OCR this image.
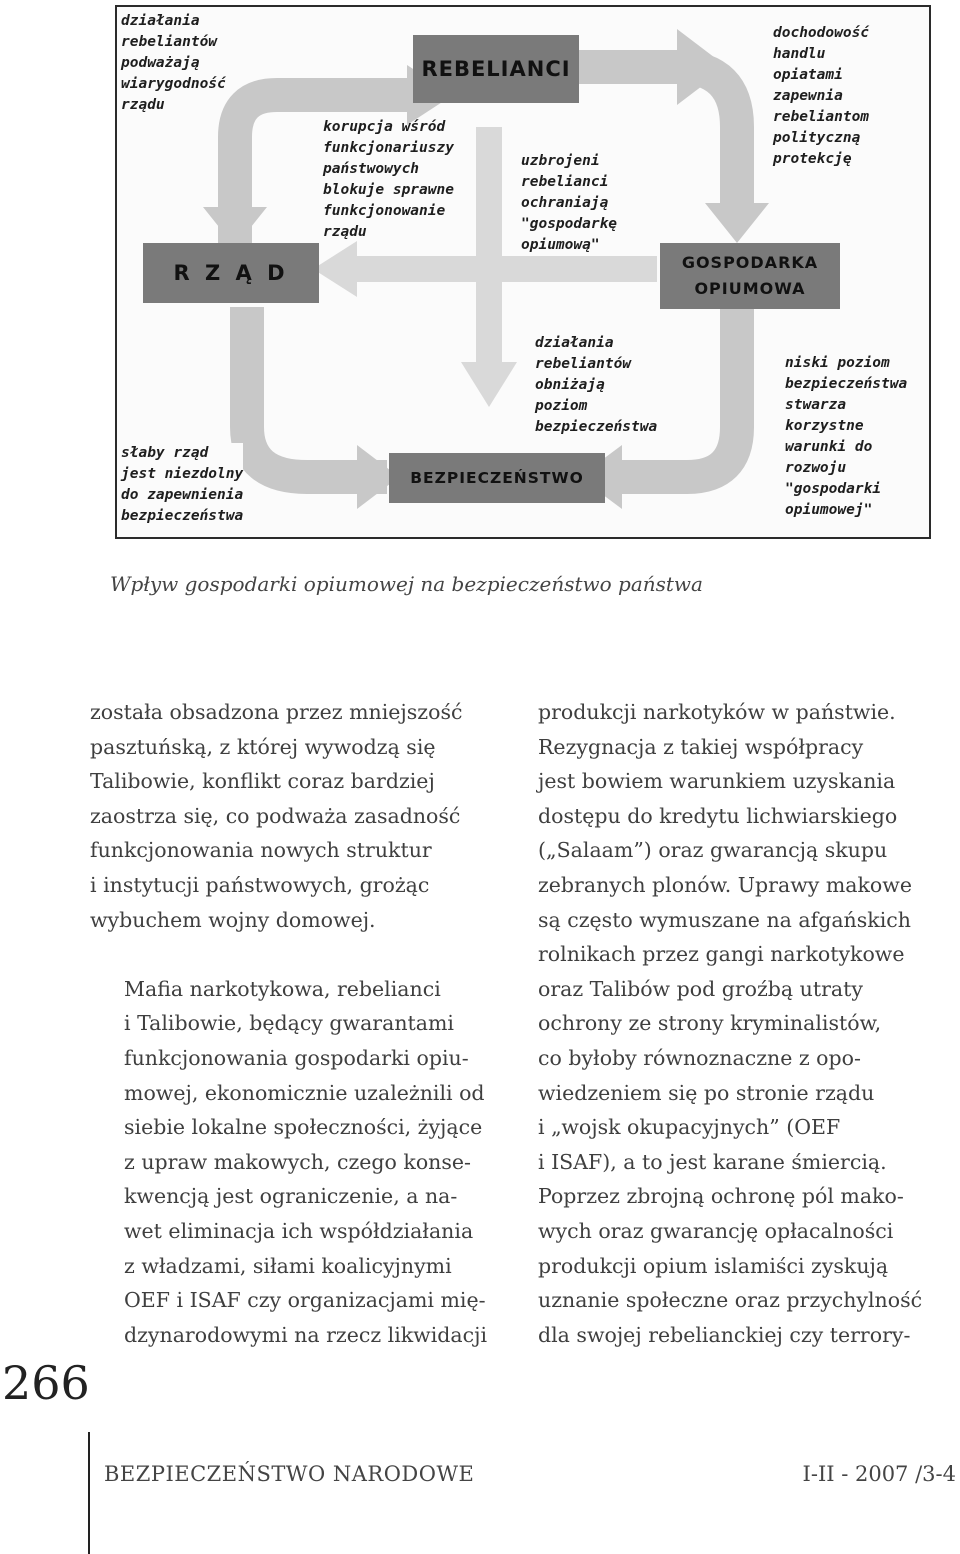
REBELIANCI
R Z Ą D	GOSPODARKA
OPIUMOWA
BEZPIECZEŃSTWO

działania
rebeliantów
podważają
wiarygodność
rządu

dochodowość
handlu
opiatami
zapewnia
rebeliantom
polityczną
protekcję

korupcja wśród
funkcjonariuszy
państwowych
blokuje sprawne
funkcjonowanie
rządu

uzbrojeni
rebelianci
ochraniają
"gospodarkę
opiumową"

działania
rebeliantów
obniżają
poziom
bezpieczeństwa

słaby rząd
jest niezdolny
do zapewnienia
bezpieczeństwa

niski poziom
bezpieczeństwa
stwarza
korzystne
warunki do
rozwoju
"gospodarki
opiumowej"

Wpływ gospodarki opiumowej na bezpieczeństwo państwa

została obsadzona przez mniejszość
pasztuńską, z której wywodzą się
Talibowie, konflikt coraz bardziej
zaostrza się, co podważa zasadność
funkcjonowania nowych struktur
i instytucji państwowych, grożąc
wybuchem wojny domowej.
Mafia narkotykowa, rebelianci
i Talibowie, będący gwarantami
funkcjonowania gospodarki opiu-
mowej, ekonomicznie uzależnili od
siebie lokalne społeczności, żyjące
z upraw makowych, czego konse-
kwencją jest ograniczenie, a na-
wet eliminacja ich współdziałania
z władzami, siłami koalicyjnymi
OEF i ISAF czy organizacjami mię-
dzynarodowymi na rzecz likwidacji
produkcji narkotyków w państwie.
Rezygnacja z takiej współpracy
jest bowiem warunkiem uzyskania
dostępu do kredytu lichwiarskiego
(„Salaam”) oraz gwarancją skupu
zebranych plonów. Uprawy makowe
są często wymuszane na afgańskich
rolnikach przez gangi narkotykowe
oraz Talibów pod groźbą utraty
ochrony ze strony kryminalistów,
co byłoby równoznaczne z opo-
wiedzeniem się po stronie rządu
i „wojsk okupacyjnych” (OEF
i ISAF), a to jest karane śmiercią.
Poprzez zbrojną ochronę pól mako-
wych oraz gwarancję opłacalności
produkcji opium islamiści zyskują
uznanie społeczne oraz przychylność
dla swojej rebelianckiej czy terrory-

266

BEZPIECZEŃSTWO NARODOWE	I-II - 2007 /3-4
